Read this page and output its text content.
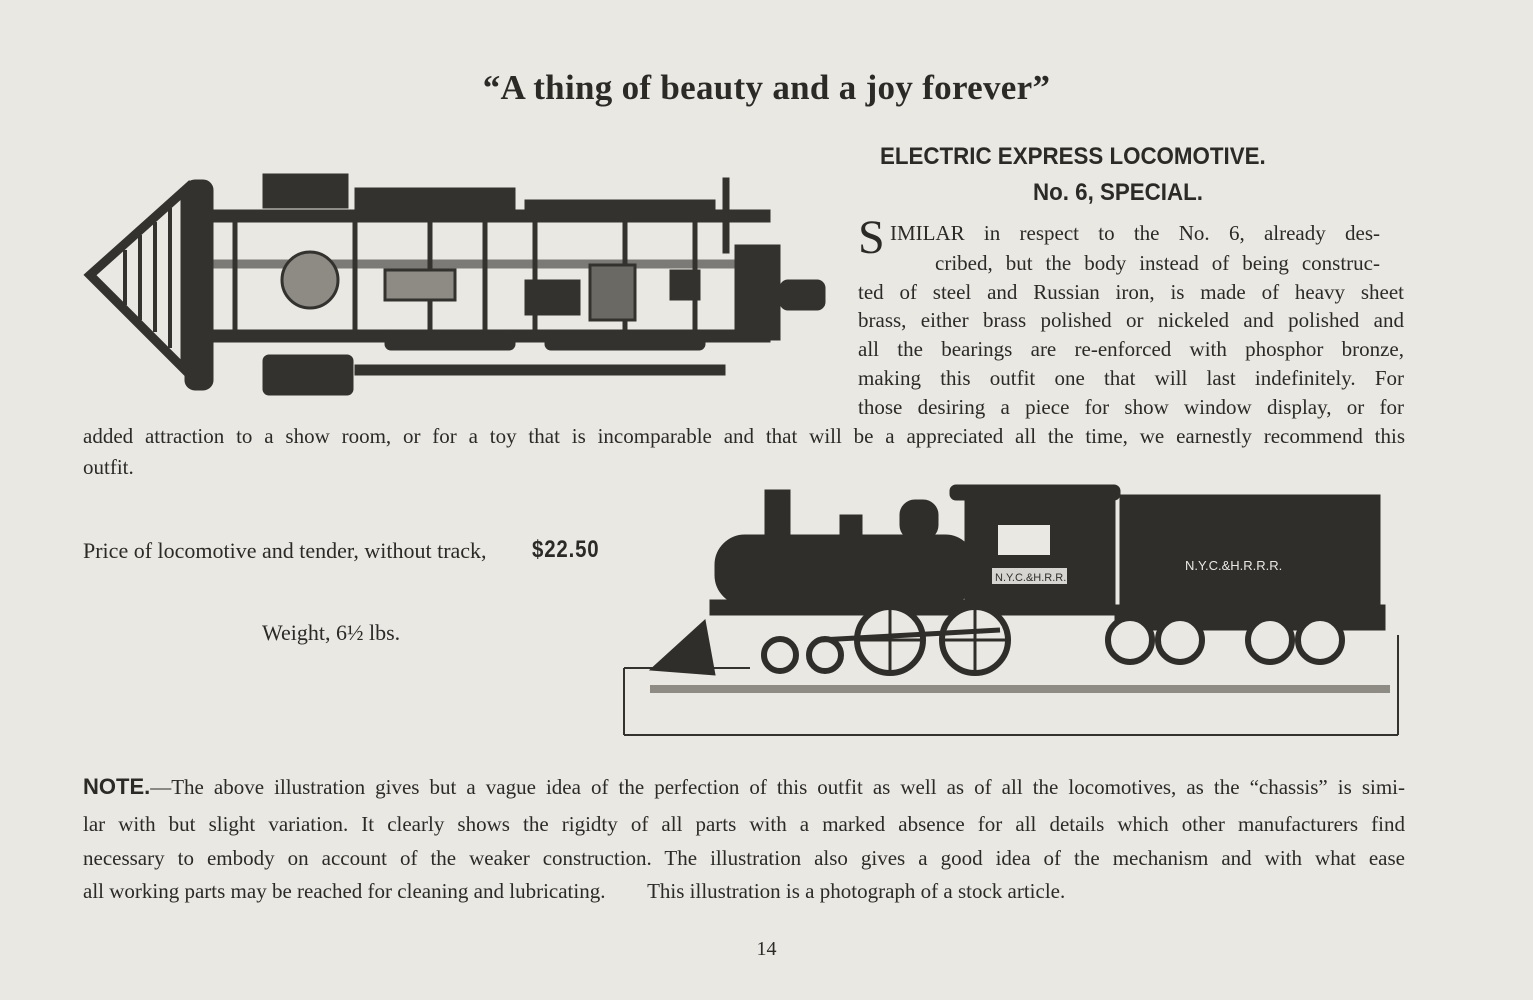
“A thing of beauty and a joy forever”
ELECTRIC EXPRESS LOCOMOTIVE.
No. 6, SPECIAL.
S IMILAR in respect to the No. 6, already des-
cribed, but the body instead of being construc-
ted of steel and Russian iron, is made of heavy sheet
brass, either brass polished or nickeled and polished and
all the bearings are re-enforced with phosphor bronze,
making this outfit one that will last indefinitely. For
those desiring a piece for show window display, or for
added attraction to a show room, or for a toy that is incomparable and that will be a appreciated all the time, we earnestly recommend this
outfit.
Price of locomotive and tender, without track, $22.50
Weight, 6½ lbs.
N.Y.C.&H.R.R.
N.Y.C.&H.R.R.R.
NOTE.—The above illustration gives but a vague idea of the perfection of this outfit as well as of all the locomotives, as the “chassis” is simi-
lar with but slight variation. It clearly shows the rigidty of all parts with a marked absence for all details which other manufacturers find
necessary to embody on account of the weaker construction. The illustration also gives a good idea of the mechanism and with what ease
all working parts may be reached for cleaning and lubricating.        This illustration is a photograph of a stock article.
14
